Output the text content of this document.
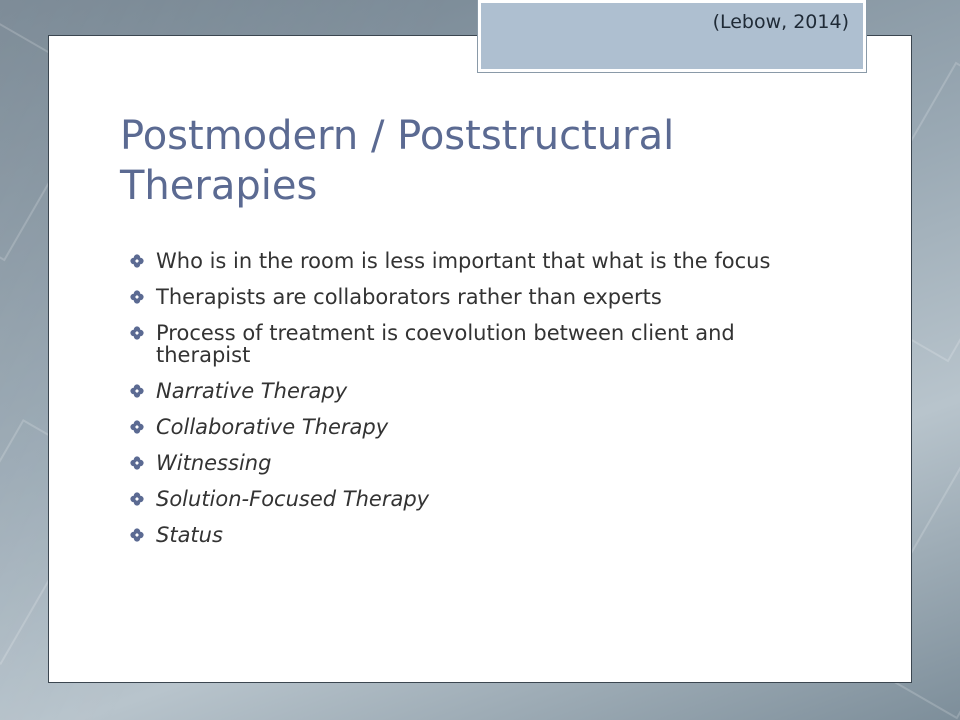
(Lebow, 2014)
Postmodern / Poststructural Therapies
Who is in the room is less important that what is the focus
Therapists are collaborators rather than experts
Process of treatment is coevolution between client and therapist
Narrative Therapy
Collaborative Therapy
Witnessing
Solution-Focused Therapy
Status
